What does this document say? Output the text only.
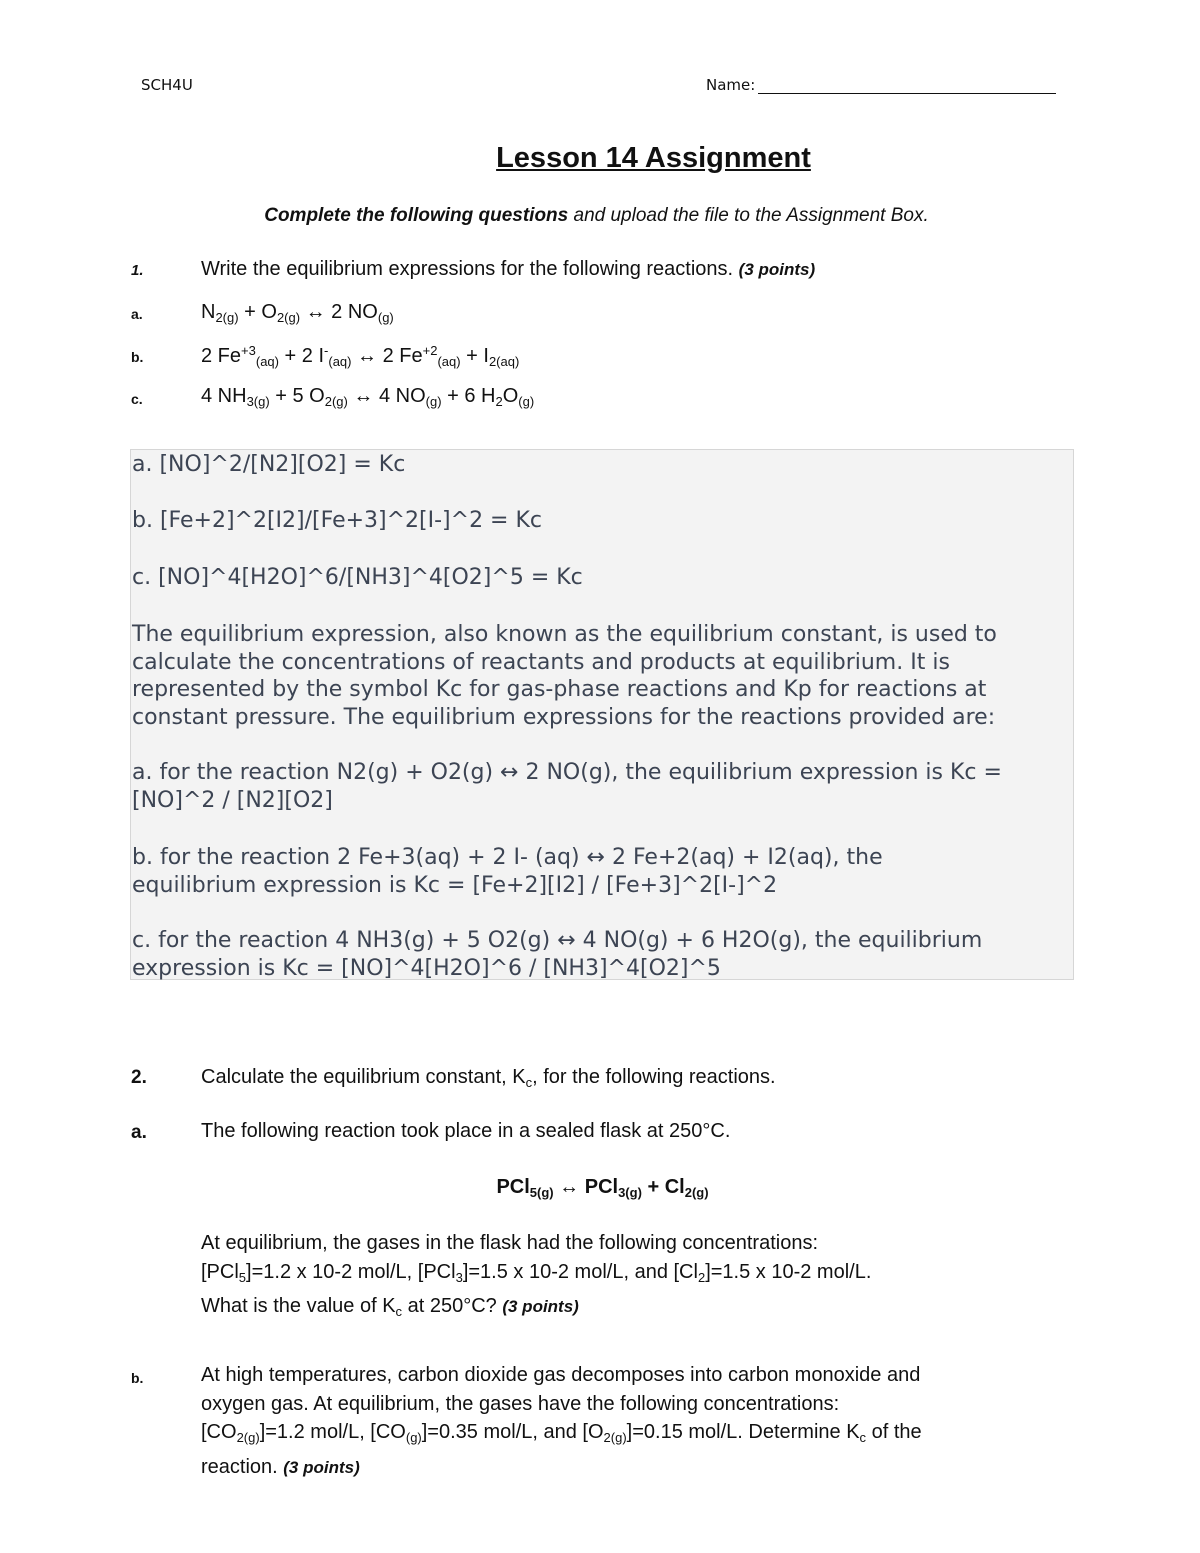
SCH4U	Name:
Lesson 14 Assignment
Complete the following questions and upload the file to the Assignment Box.
1.	Write the equilibrium expressions for the following reactions. (3 points)
a.	$N_{2(g)} + O_{2(g)}$ ↔ 2 $NO_{(g)}$
b.	2 $Fe^{+3}_{(aq)} + 2$ $I^-_{(aq)}$ ↔ 2 $Fe^{+2}_{(aq)} + I_{2(aq)}$
c.	4 $NH_{3(g)} + 5$ $O_{2(g)}$ ↔ 4 $NO_{(g)} + 6$ $H_2O_{(g)}$
a. [NO]^2/[N2][O2] = Kc
b. [Fe+2]^2[I2]/[Fe+3]^2[I-]^2 = Kc
c. [NO]^4[H2O]^6/[NH3]^4[O2]^5 = Kc
The equilibrium expression, also known as the equilibrium constant, is used to
calculate the concentrations of reactants and products at equilibrium. It is
represented by the symbol Kc for gas-phase reactions and Kp for reactions at
constant pressure. The equilibrium expressions for the reactions provided are:
a. for the reaction N2(g) + O2(g) ↔ 2 NO(g), the equilibrium expression is Kc =
[NO]^2 / [N2][O2]
b. for the reaction 2 Fe+3(aq) + 2 I- (aq) ↔ 2 Fe+2(aq) + I2(aq), the
equilibrium expression is Kc = [Fe+2][I2] / [Fe+3]^2[I-]^2
c. for the reaction 4 NH3(g) + 5 O2(g) ↔ 4 NO(g) + 6 H2O(g), the equilibrium
expression is Kc = [NO]^4[H2O]^6 / [NH3]^4[O2]^5
2.	Calculate the equilibrium constant, $K_c$, for the following reactions.
a.	The following reaction took place in a sealed flask at 250°C.
PCl$_{5(g)}$ ↔ $PCl_{3(g)} + Cl_{2(g)}$
At equilibrium, the gases in the flask had the following concentrations:
[PCl$_5$]=1.2 x 10-2 mol/L, [PCl$_3$]=1.5 x 10-2 mol/L, and $[Cl_2]=1.5$ x 10-2 mol/L.
What is the value of $K_c$ at 250°C? (3 points)
b.	At high temperatures, carbon dioxide gas decomposes into carbon monoxide and
oxygen gas. At equilibrium, the gases have the following concentrations:
$[CO_{2(g)}]=1.2$ mol/L, $[CO_{(g)}]=0.35$ mol/L, and $[O_{2(g)}]=0.15$ mol/L. Determine $K_c$ of the
reaction. (3 points)
